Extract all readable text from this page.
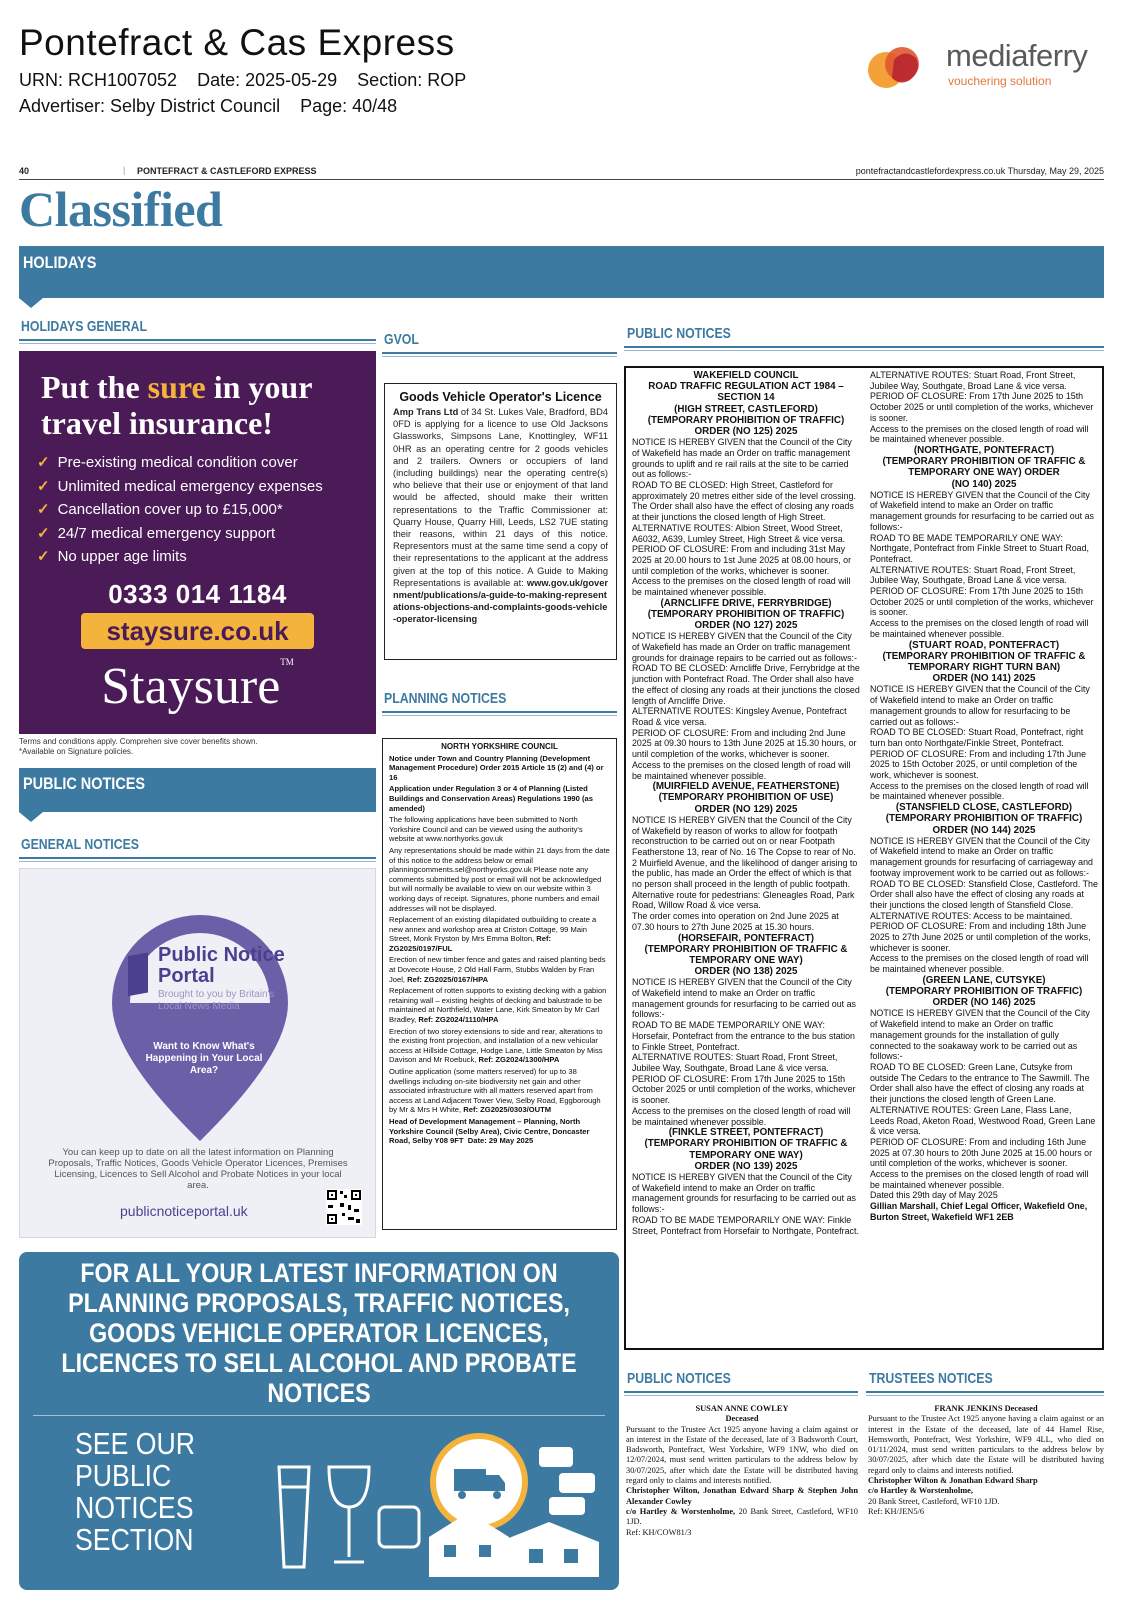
Pontefract & Cas Express
URN: RCH1007052    Date: 2025-05-29    Section: ROP
Advertiser: Selby District Council    Page: 40/48
mediaferry
vouchering solution
40	| PONTEFRACT & CASTLEFORD EXPRESS	pontefractandcastlefordexpress.co.uk Thursday, May 29, 2025
Classified
HOLIDAYS
HOLIDAYS GENERAL
Put the sure in your
travel insurance!
✓ Pre-existing medical condition cover
✓ Unlimited medical emergency expenses
✓ Cancellation cover up to £15,000*
✓ 24/7 medical emergency support
✓ No upper age limits
0333 014 1184
staysure.co.uk
Staysure™
Terms and conditions apply. Comprehen sive cover benefits shown.
*Available on Signature policies.
PUBLIC NOTICES
GENERAL NOTICES
Public Notice
Portal
Brought to you by Britain's
Local News Media
Want to Know What's Happening in Your Local Area?
You can keep up to date on all the latest information on Planning Proposals, Traffic Notices, Goods Vehicle Operator Licences, Premises Licensing, Licences to Sell Alcohol and Probate Notices in your local area.
publicnoticeportal.uk
GVOL
Goods Vehicle Operator's Licence
Amp Trans Ltd of 34 St. Lukes Vale, Bradford, BD4 0FD is applying for a licence to use Old Jacksons Glassworks, Simpsons Lane, Knottingley, WF11 0HR as an operating centre for 2 goods vehicles and 2 trailers. Owners or occupiers of land (including buildings) near the operating centre(s) who believe that their use or enjoyment of that land would be affected, should make their written representations to the Traffic Commissioner at: Quarry House, Quarry Hill, Leeds, LS2 7UE stating their reasons, within 21 days of this notice. Representors must at the same time send a copy of their representations to the applicant at the address given at the top of this notice. A Guide to Making Representations is available at: www.gov.uk/government/publications/a-guide-to-making-representations-objections-and-complaints-goods-vehicle-operator-licensing
PLANNING NOTICES

NORTH YORKSHIRE COUNCIL

Notice under Town and Country Planning (Development Management Procedure) Order 2015 Article 15 (2) and (4) or 16

Application under Regulation 3 or 4 of Planning (Listed Buildings and Conservation Areas) Regulations 1990 (as amended)

The following applications have been submitted to North Yorkshire Council and can be viewed using the authority's website at www.northyorks.gov.uk

Any representations should be made within 21 days from the date of this notice to the address below or email planningcomments.sel@northyorks.gov.uk Please note any comments submitted by post or email will not be acknowledged but will normally be available to view on our website within 3 working days of receipt. Signatures, phone numbers and email addresses will not be displayed.

Replacement of an existing dilapidated outbuilding to create a new annex and workshop area at Criston Cottage, 99 Main Street, Monk Fryston by Mrs Emma Bolton, Ref: ZG2025/0197/FUL

Erection of new timber fence and gates and raised planting beds at Dovecote House, 2 Old Hall Farm, Stubbs Walden by Fran Joel, Ref: ZG2025/0167/HPA

Replacement of rotten supports to existing decking with a gabion retaining wall – existing heights of decking and balustrade to be maintained at Northfield, Water Lane, Kirk Smeaton by Mr Carl Bradley, Ref: ZG2024/1110/HPA

Erection of two storey extensions to side and rear, alterations to the existing front projection, and installation of a new vehicular access at Hillside Cottage, Hodge Lane, Little Smeaton by Miss Davison and Mr Roebuck, Ref: ZG2024/1300/HPA

Outline application (some matters reserved) for up to 38 dwellings including on-site biodiversity net gain and other associated infrastructure with all matters reserved apart from access at Land Adjacent Tower View, Selby Road, Eggborough by Mr & Mrs H White, Ref: ZG2025/0303/OUTM

Head of Development Management – Planning, North Yorkshire Council (Selby Area), Civic Centre, Doncaster Road, Selby Y08 9FT Date: 29 May 2025

FOR ALL YOUR LATEST INFORMATION ON PLANNING PROPOSALS, TRAFFIC NOTICES, GOODS VEHICLE OPERATOR LICENCES, LICENCES TO SELL ALCOHOL AND PROBATE NOTICES
SEE OUR
PUBLIC
NOTICES
SECTION
PUBLIC NOTICES
WAKEFIELD COUNCIL
ROAD TRAFFIC REGULATION ACT 1984 – SECTION 14
(HIGH STREET, CASTLEFORD)
(TEMPORARY PROHIBITION OF TRAFFIC)
ORDER (NO 125) 2025
NOTICE IS HEREBY GIVEN that the Council of the City of Wakefield has made an Order on traffic management grounds to uplift and re rail rails at the site to be carried out as follows:-
ROAD TO BE CLOSED: High Street, Castleford for approximately 20 metres either side of the level crossing. The Order shall also have the effect of closing any roads at their junctions the closed length of High Street.
ALTERNATIVE ROUTES: Albion Street, Wood Street, A6032, A639, Lumley Street, High Street & vice versa.
PERIOD OF CLOSURE: From and including 31st May 2025 at 20.00 hours to 1st June 2025 at 08.00 hours, or until completion of the works, whichever is sooner.
Access to the premises on the closed length of road will be maintained whenever possible.
(ARNCLIFFE DRIVE, FERRYBRIDGE)
(TEMPORARY PROHIBITION OF TRAFFIC)
ORDER (NO 127) 2025
NOTICE IS HEREBY GIVEN that the Council of the City of Wakefield has made an Order on traffic management grounds for drainage repairs to be carried out as follows:-
ROAD TO BE CLOSED: Arncliffe Drive, Ferrybridge at the junction with Pontefract Road. The Order shall also have the effect of closing any roads at their junctions the closed length of Arncliffe Drive.
ALTERNATIVE ROUTES: Kingsley Avenue, Pontefract Road & vice versa.
PERIOD OF CLOSURE: From and including 2nd June 2025 at 09.30 hours to 13th June 2025 at 15.30 hours, or until completion of the works, whichever is sooner.
Access to the premises on the closed length of road will be maintained whenever possible.
(MUIRFIELD AVENUE, FEATHERSTONE)
(TEMPORARY PROHIBITION OF USE)
ORDER (NO 129) 2025
NOTICE IS HEREBY GIVEN that the Council of the City of Wakefield by reason of works to allow for footpath reconstruction to be carried out on or near Footpath Featherstone 13, rear of No. 16 The Copse to rear of No. 2 Muirfield Avenue, and the likelihood of danger arising to the public, has made an Order the effect of which is that no person shall proceed in the length of public footpath.
Alternative route for pedestrians: Gleneagles Road, Park Road, Willow Road & vice versa.
The order comes into operation on 2nd June 2025 at 07.30 hours to 27th June 2025 at 15.30 hours.
(HORSEFAIR, PONTEFRACT)
(TEMPORARY PROHIBITION OF TRAFFIC & TEMPORARY ONE WAY)
ORDER (NO 138) 2025
NOTICE IS HEREBY GIVEN that the Council of the City of Wakefield intend to make an Order on traffic management grounds for resurfacing to be carried out as follows:-
ROAD TO BE MADE TEMPORARILY ONE WAY: Horsefair, Pontefract from the entrance to the bus station to Finkle Street, Pontefract.
ALTERNATIVE ROUTES: Stuart Road, Front Street, Jubilee Way, Southgate, Broad Lane & vice versa.
PERIOD OF CLOSURE: From 17th June 2025 to 15th October 2025 or until completion of the works, whichever is sooner.
Access to the premises on the closed length of road will be maintained whenever possible.
(FINKLE STREET, PONTEFRACT)
(TEMPORARY PROHIBITION OF TRAFFIC & TEMPORARY ONE WAY)
ORDER (NO 139) 2025
NOTICE IS HEREBY GIVEN that the Council of the City of Wakefield intend to make an Order on traffic management grounds for resurfacing to be carried out as follows:-
ROAD TO BE MADE TEMPORARILY ONE WAY: Finkle Street, Pontefract from Horsefair to Northgate, Pontefract.
ALTERNATIVE ROUTES: Stuart Road, Front Street, Jubilee Way, Southgate, Broad Lane & vice versa.
PERIOD OF CLOSURE: From 17th June 2025 to 15th October 2025 or until completion of the works, whichever is sooner.
Access to the premises on the closed length of road will be maintained whenever possible.
(NORTHGATE, PONTEFRACT)
(TEMPORARY PROHIBITION OF TRAFFIC & TEMPORARY ONE WAY) ORDER
(NO 140) 2025
NOTICE IS HEREBY GIVEN that the Council of the City of Wakefield intend to make an Order on traffic management grounds for resurfacing to be carried out as follows:-
ROAD TO BE MADE TEMPORARILY ONE WAY: Northgate, Pontefract from Finkle Street to Stuart Road, Pontefract.
ALTERNATIVE ROUTES: Stuart Road, Front Street, Jubilee Way, Southgate, Broad Lane & vice versa.
PERIOD OF CLOSURE: From 17th June 2025 to 15th October 2025 or until completion of the works, whichever is sooner.
Access to the premises on the closed length of road will be maintained whenever possible.
(STUART ROAD, PONTEFRACT)
(TEMPORARY PROHIBITION OF TRAFFIC & TEMPORARY RIGHT TURN BAN)
ORDER (NO 141) 2025
NOTICE IS HEREBY GIVEN that the Council of the City of Wakefield intend to make an Order on traffic management grounds to allow for resurfacing to be carried out as follows:-
ROAD TO BE CLOSED: Stuart Road, Pontefract, right turn ban onto Northgate/Finkle Street, Pontefract.
PERIOD OF CLOSURE: From and including 17th June 2025 to 15th October 2025, or until completion of the work, whichever is soonest.
Access to the premises on the closed length of road will be maintained whenever possible.
(STANSFIELD CLOSE, CASTLEFORD)
(TEMPORARY PROHIBITION OF TRAFFIC)
ORDER (NO 144) 2025
NOTICE IS HEREBY GIVEN that the Council of the City of Wakefield intend to make an Order on traffic management grounds for resurfacing of carriageway and footway improvement work to be carried out as follows:-
ROAD TO BE CLOSED: Stansfield Close, Castleford. The Order shall also have the effect of closing any roads at their junctions the closed length of Stansfield Close.
ALTERNATIVE ROUTES: Access to be maintained.
PERIOD OF CLOSURE: From and including 18th June 2025 to 27th June 2025 or until completion of the works, whichever is sooner.
Access to the premises on the closed length of road will be maintained whenever possible.
(GREEN LANE, CUTSYKE)
(TEMPORARY PROHIBITION OF TRAFFIC)
ORDER (NO 146) 2025
NOTICE IS HEREBY GIVEN that the Council of the City of Wakefield intend to make an Order on traffic management grounds for the installation of gully connected to the soakaway work to be carried out as follows:-
ROAD TO BE CLOSED: Green Lane, Cutsyke from outside The Cedars to the entrance to The Sawmill. The Order shall also have the effect of closing any roads at their junctions the closed length of Green Lane.
ALTERNATIVE ROUTES: Green Lane, Flass Lane, Leeds Road, Aketon Road, Westwood Road, Green Lane & vice versa.
PERIOD OF CLOSURE: From and including 16th June 2025 at 07.30 hours to 20th June 2025 at 15.00 hours or until completion of the works, whichever is sooner.
Access to the premises on the closed length of road will be maintained whenever possible.
Dated this 29th day of May 2025
Gillian Marshall, Chief Legal Officer, Wakefield One, Burton Street, Wakefield WF1 2EB
PUBLIC NOTICES
SUSAN ANNE COWLEY
Deceased
Pursuant to the Trustee Act 1925 anyone having a claim against or an interest in the Estate of the deceased, late of 3 Badsworth Court, Badsworth, Pontefract, West Yorkshire, WF9 1NW, who died on 12/07/2024, must send written particulars to the address below by 30/07/2025, after which date the Estate will be distributed having regard only to claims and interests notified.
Christopher Wilton, Jonathan Edward Sharp & Stephen John Alexander Cowley
c/o Hartley & Worstenholme, 20 Bank Street, Castleford, WF10 1JD.
Ref: KH/COW81/3
TRUSTEES NOTICES
FRANK JENKINS Deceased
Pursuant to the Trustee Act 1925 anyone having a claim against or an interest in the Estate of the deceased, late of 44 Hamel Rise, Hemsworth, Pontefract, West Yorkshire, WF9 4LL, who died on 01/11/2024, must send written particulars to the address below by 30/07/2025, after which date the Estate will be distributed having regard only to claims and interests notified.
Christopher Wilton & Jonathan Edward Sharp
c/o Hartley & Worstenholme,
20 Bank Street, Castleford, WF10 1JD.
Ref: KH/JEN5/6
